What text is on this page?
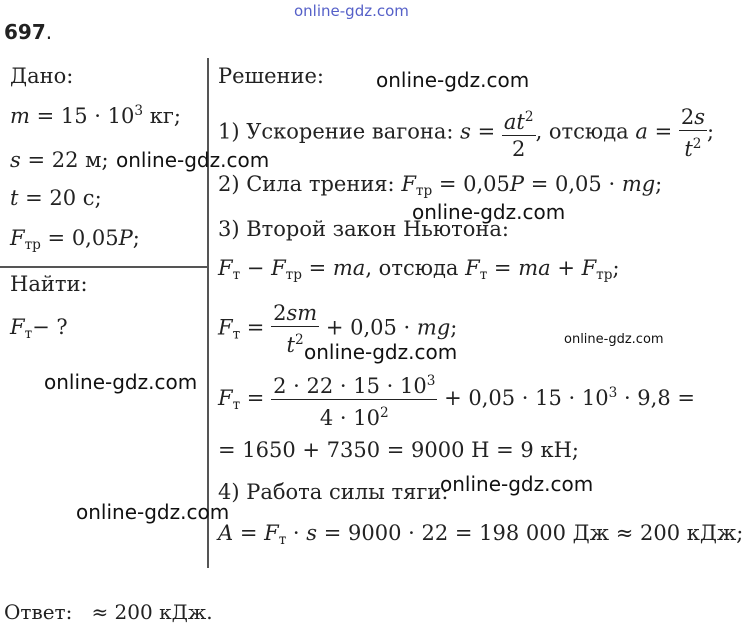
online-gdz.com
697.
Дано:
$m = 15 \cdot 10^3$ кг;
s = 22 м;
t = 20 с;
$F_{тр} = 0,05P$;
Найти:
$F_т-$ ?
Решение:
1) Ускорение вагона: $s = \frac{at^2}{2}$ , отсюда $a = \frac{2s}{t^2}$ ;
2) Сила трения: $F_{тр} = 0,05P = 0,05$ · mg;
3) Второй закон Ньютона:
$F_т - F_{тр}$ = ma, отсюда $F_т$ = ma + $F_{тр}$;
$F_т = \frac{2sm}{t^2} + 0,05$ · mg;
$F_т = \frac{2 \cdot 22 \cdot 15 \cdot 10^3}{4 \cdot 10^2} + 0,05 \cdot 15 \cdot 10^3 \cdot 9,8$ =
= 1650 + 7350 = 9000 Н = 9 кН;
4) Работа силы тяги:
$A = F_т \cdot s = 9000 \cdot 22 = 198$ 000 Дж ≈ 200 кДж;
Ответ: ≈ 200 кДж.
online-gdz.com
online-gdz.com
online-gdz.com
online-gdz.com
online-gdz.com
online-gdz.com
online-gdz.com
online-gdz.com
